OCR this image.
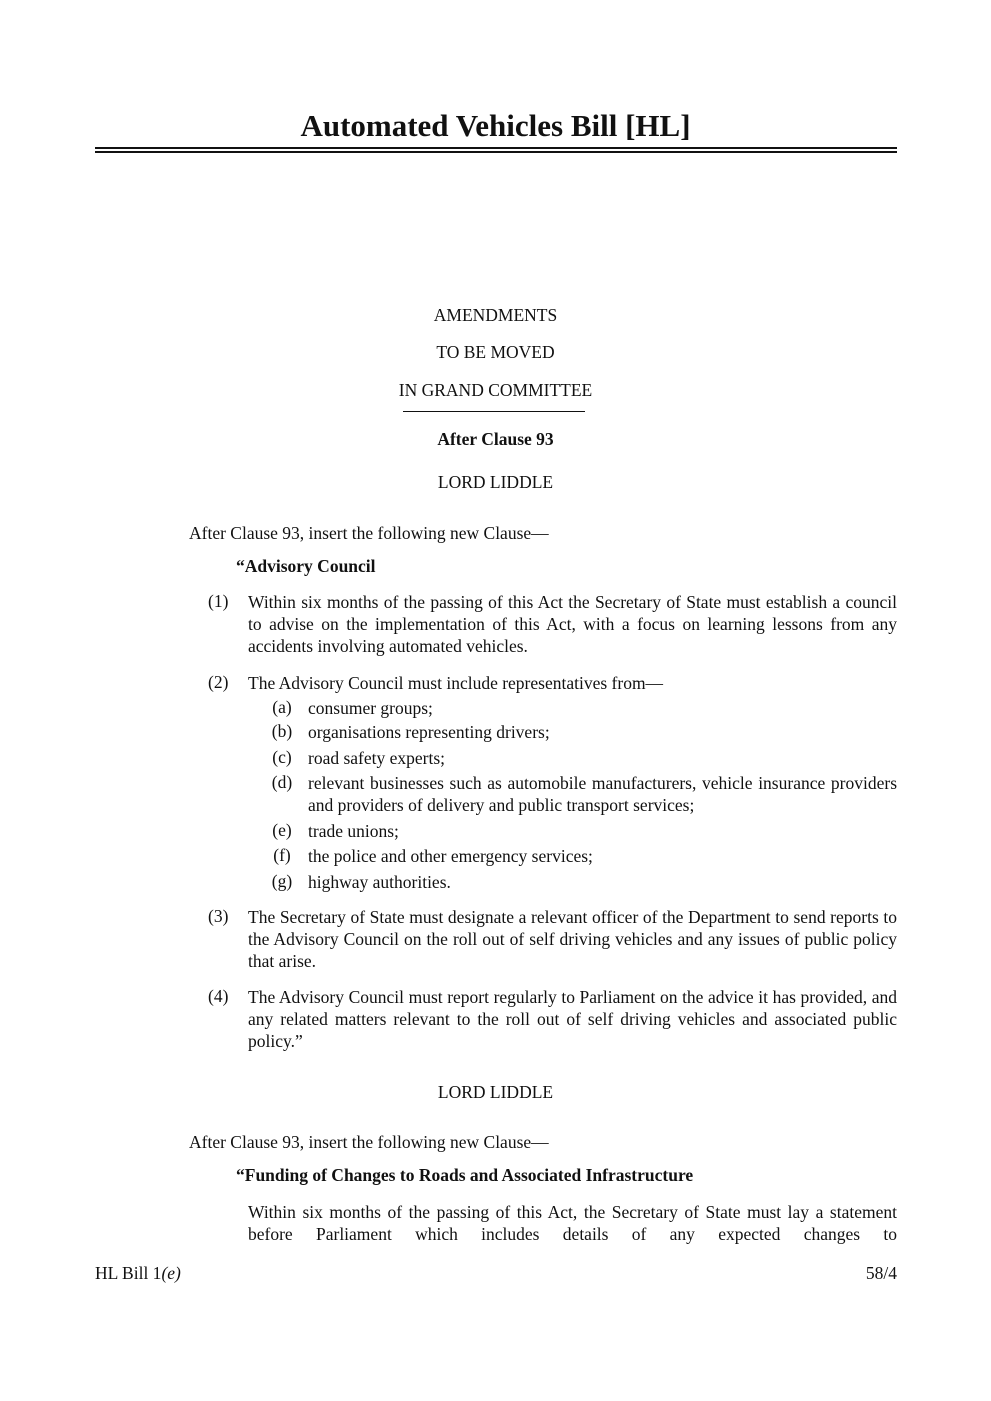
Automated Vehicles Bill [HL]
AMENDMENTS
TO BE MOVED
IN GRAND COMMITTEE
After Clause 93
LORD LIDDLE
After Clause 93, insert the following new Clause—
“Advisory Council
(1)	Within six months of the passing of this Act the Secretary of State must establish a council to advise on the implementation of this Act, with a focus on learning lessons from any accidents involving automated vehicles.
(2)	The Advisory Council must include representatives from—
(a) consumer groups;
(b) organisations representing drivers;
(c) road safety experts;
(d) relevant businesses such as automobile manufacturers, vehicle insurance providers and providers of delivery and public transport services;
(e) trade unions;
(f) the police and other emergency services;
(g) highway authorities.
(3)	The Secretary of State must designate a relevant officer of the Department to send reports to the Advisory Council on the roll out of self driving vehicles and any issues of public policy that arise.
(4)	The Advisory Council must report regularly to Parliament on the advice it has provided, and any related matters relevant to the roll out of self driving vehicles and associated public policy.”
LORD LIDDLE
After Clause 93, insert the following new Clause—
“Funding of Changes to Roads and Associated Infrastructure
Within six months of the passing of this Act, the Secretary of State must lay a statement before Parliament which includes details of any expected changes to
HL Bill 1(e)	58/4
